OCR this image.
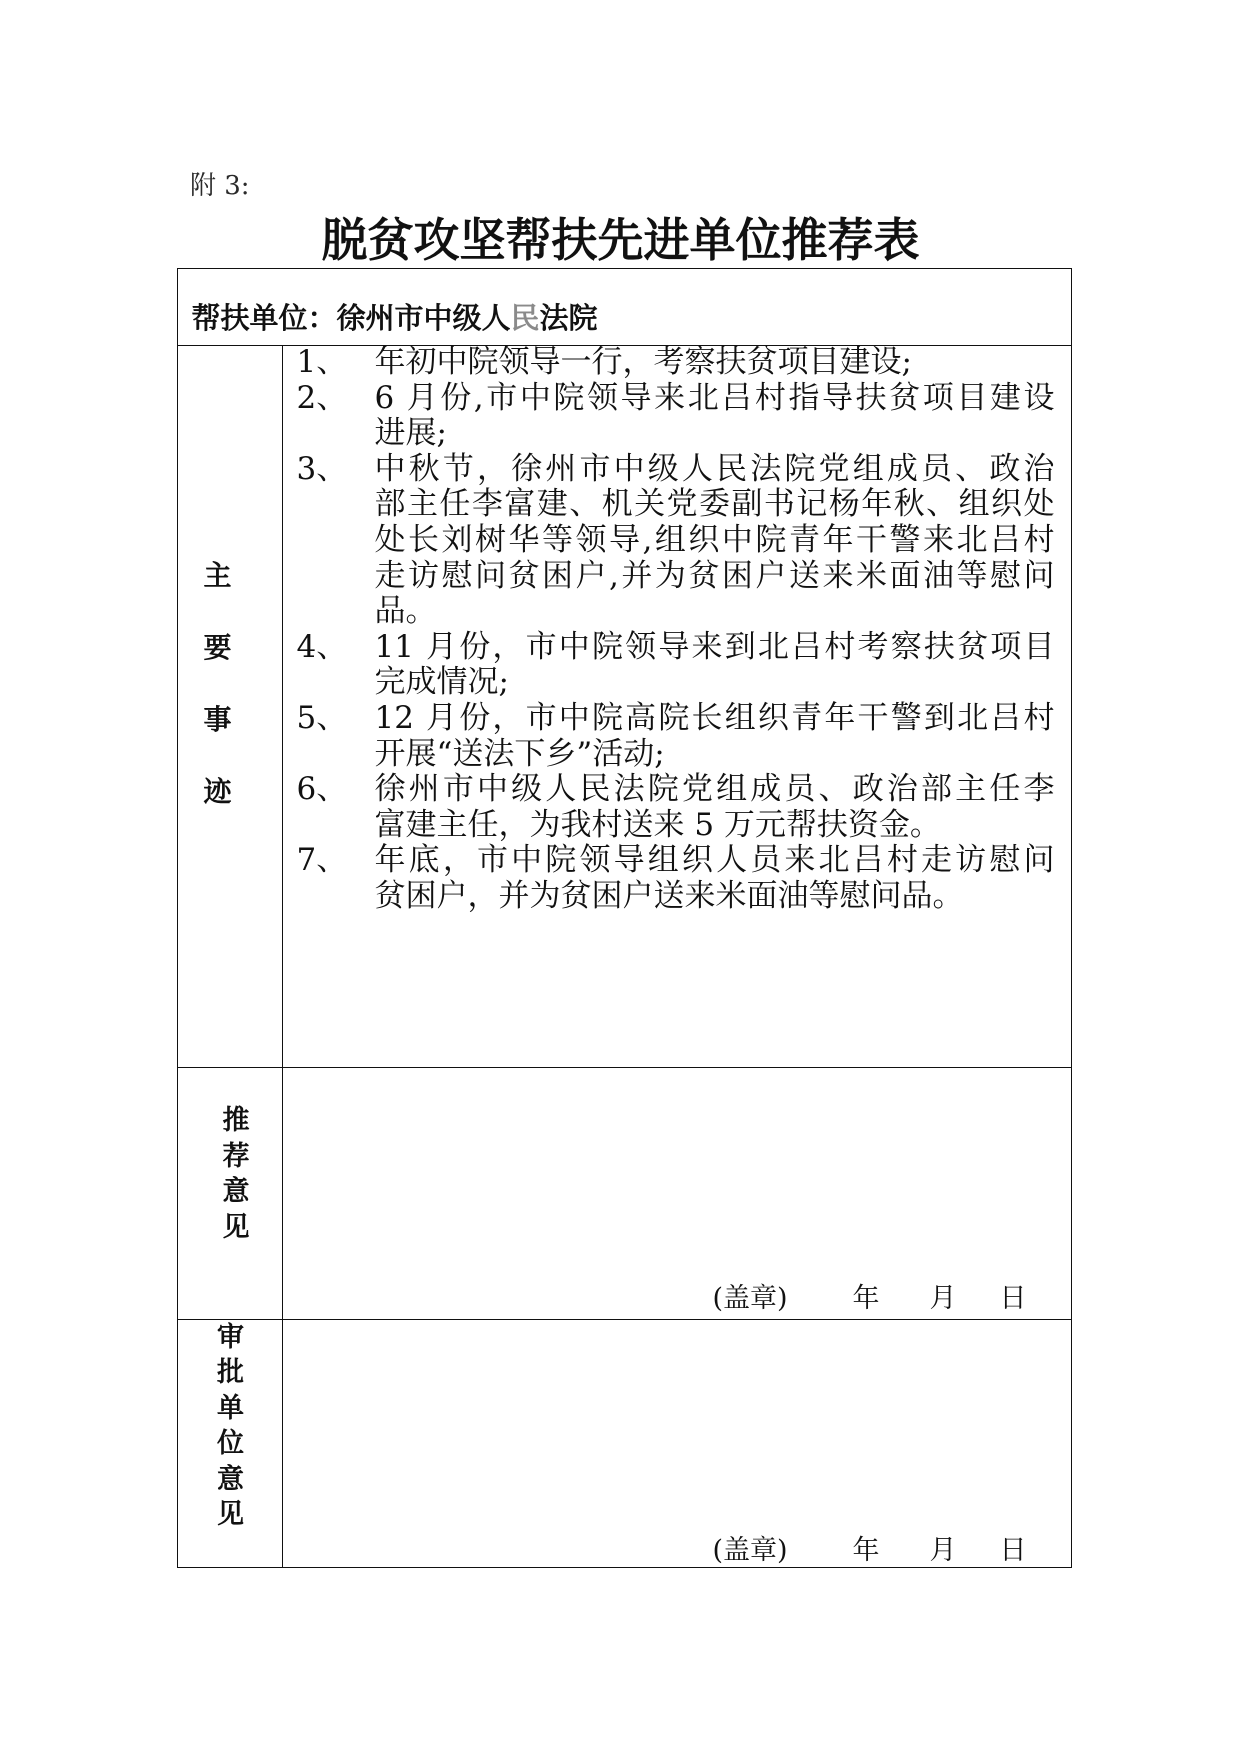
附 3:
脱贫攻坚帮扶先进单位推荐表
帮扶单位：徐州市中级人民法院
主
要
事
迹
1、 年初中院领导一行，考察扶贫项目建设;
2、 6 月份,市中院领导来北吕村指导扶贫项目建设
进展;
3、 中秋节，徐州市中级人民法院党组成员、政治
部主任李富建、机关党委副书记杨年秋、组织处
处长刘树华等领导,组织中院青年干警来北吕村
走访慰问贫困户,并为贫困户送来米面油等慰问
品。
4、 11 月份，市中院领导来到北吕村考察扶贫项目
完成情况;
5、 12 月份，市中院高院长组织青年干警到北吕村
开展“送法下乡”活动;
6、 徐州市中级人民法院党组成员、政治部主任李
富建主任，为我村送来 5 万元帮扶资金。
7、 年底，市中院领导组织人员来北吕村走访慰问
贫困户，并为贫困户送来米面油等慰问品。
推
荐
意
见
(盖章) 年 月 日
审
批
单
位
意
见
(盖章) 年 月 日
